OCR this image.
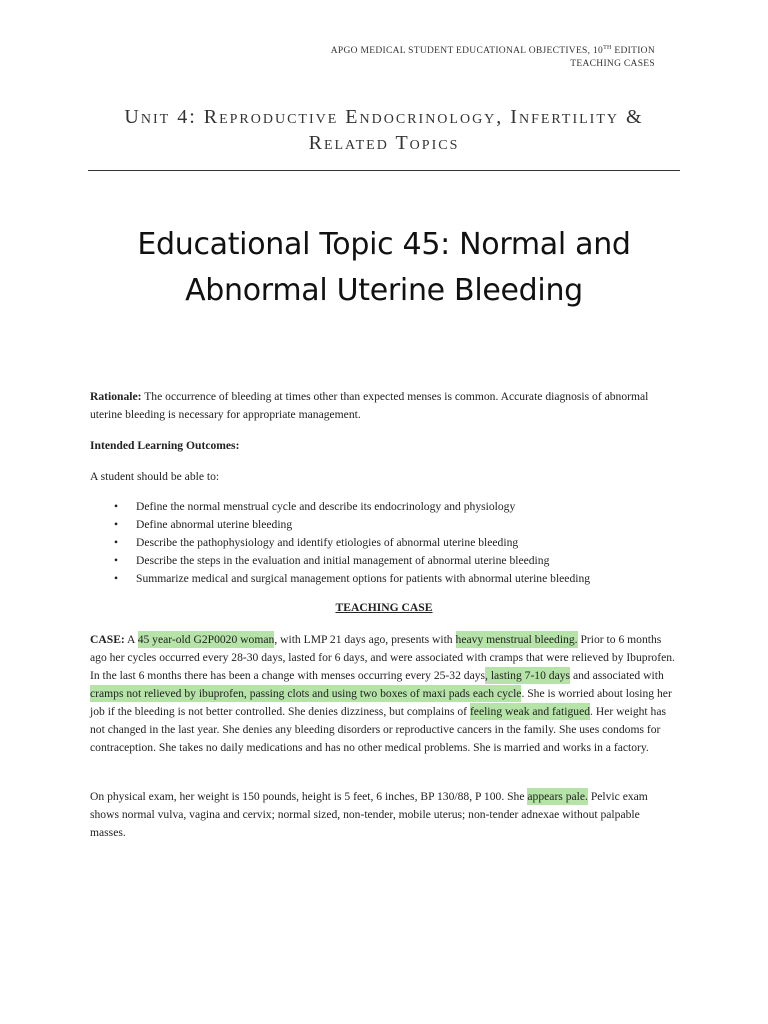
APGO MEDICAL STUDENT EDUCATIONAL OBJECTIVES, 10TH EDITION
TEACHING CASES
Unit 4: Reproductive Endocrinology, Infertility &
Related Topics
Educational Topic 45: Normal and
Abnormal Uterine Bleeding
Rationale: The occurrence of bleeding at times other than expected menses is common. Accurate diagnosis of abnormal uterine bleeding is necessary for appropriate management.
Intended Learning Outcomes:
A student should be able to:
• Define the normal menstrual cycle and describe its endocrinology and physiology
• Define abnormal uterine bleeding
• Describe the pathophysiology and identify etiologies of abnormal uterine bleeding
• Describe the steps in the evaluation and initial management of abnormal uterine bleeding
• Summarize medical and surgical management options for patients with abnormal uterine bleeding
TEACHING CASE
CASE: A 45 year-old G2P0020 woman, with LMP 21 days ago, presents with heavy menstrual bleeding. Prior to 6 months ago her cycles occurred every 28-30 days, lasted for 6 days, and were associated with cramps that were relieved by Ibuprofen. In the last 6 months there has been a change with menses occurring every 25-32 days, lasting 7-10 days and associated with cramps not relieved by ibuprofen, passing clots and using two boxes of maxi pads each cycle. She is worried about losing her job if the bleeding is not better controlled. She denies dizziness, but complains of feeling weak and fatigued. Her weight has not changed in the last year. She denies any bleeding disorders or reproductive cancers in the family. She uses condoms for contraception. She takes no daily medications and has no other medical problems. She is married and works in a factory.
On physical exam, her weight is 150 pounds, height is 5 feet, 6 inches, BP 130/88, P 100. She appears pale. Pelvic exam shows normal vulva, vagina and cervix; normal sized, non-tender, mobile uterus; non-tender adnexae without palpable masses.
